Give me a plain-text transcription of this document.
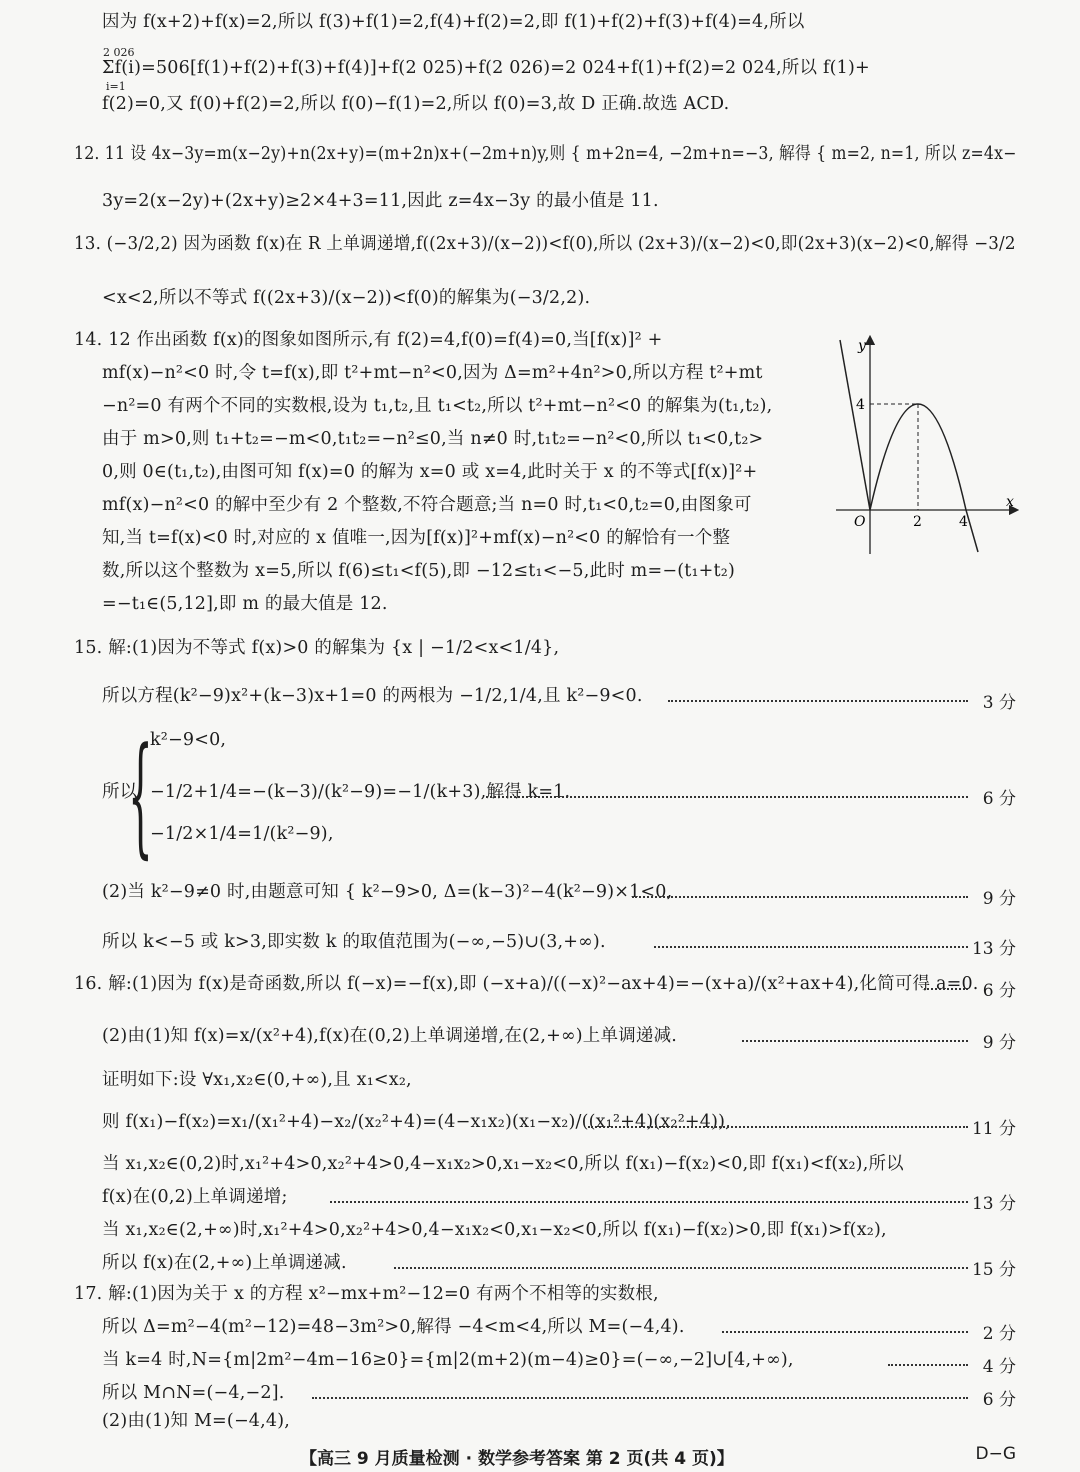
因为 f(x+2)+f(x)=2,所以 f(3)+f(1)=2,f(4)+f(2)=2,即 f(1)+f(2)+f(3)+f(4)=4,所以
2 026
i=1
Σf(i)=506[f(1)+f(2)+f(3)+f(4)]+f(2 025)+f(2 026)=2 024+f(1)+f(2)=2 024,所以 f(1)+
f(2)=0,又 f(0)+f(2)=2,所以 f(0)−f(1)=2,所以 f(0)=3,故 D 正确.故选 ACD.
12. 11 设 4x−3y=m(x−2y)+n(2x+y)=(m+2n)x+(−2m+n)y,则 { m+2n=4, −2m+n=−3, 解得 { m=2, n=1, 所以 z=4x−
3y=2(x−2y)+(2x+y)≥2×4+3=11,因此 z=4x−3y 的最小值是 11.
13. (−3/2,2) 因为函数 f(x)在 R 上单调递增,f((2x+3)/(x−2))<f(0),所以 (2x+3)/(x−2)<0,即(2x+3)(x−2)<0,解得 −3/2
<x<2,所以不等式 f((2x+3)/(x−2))<f(0)的解集为(−3/2,2).
14. 12 作出函数 f(x)的图象如图所示,有 f(2)=4,f(0)=f(4)=0,当[f(x)]² +
mf(x)−n²<0 时,令 t=f(x),即 t²+mt−n²<0,因为 Δ=m²+4n²>0,所以方程 t²+mt
−n²=0 有两个不同的实数根,设为 t₁,t₂,且 t₁<t₂,所以 t²+mt−n²<0 的解集为(t₁,t₂),
由于 m>0,则 t₁+t₂=−m<0,t₁t₂=−n²≤0,当 n≠0 时,t₁t₂=−n²<0,所以 t₁<0,t₂>
0,则 0∈(t₁,t₂),由图可知 f(x)=0 的解为 x=0 或 x=4,此时关于 x 的不等式[f(x)]²+
mf(x)−n²<0 的解中至少有 2 个整数,不符合题意;当 n=0 时,t₁<0,t₂=0,由图象可
知,当 t=f(x)<0 时,对应的 x 值唯一,因为[f(x)]²+mf(x)−n²<0 的解恰有一个整
数,所以这个整数为 x=5,所以 f(6)≤t₁<f(5),即 −12≤t₁<−5,此时 m=−(t₁+t₂)
=−t₁∈(5,12],即 m 的最大值是 12.
y
x
O
4
2	4
15. 解:(1)因为不等式 f(x)>0 的解集为 {x | −1/2<x<1/4},
所以方程(k²−9)x²+(k−3)x+1=0 的两根为 −1/2,1/4,且 k²−9<0.	3 分
所以
{
k²−9<0,
−1/2+1/4=−(k−3)/(k²−9)=−1/(k+3),解得 k=1.	6 分
−1/2×1/4=1/(k²−9),
(2)当 k²−9≠0 时,由题意可知 { k²−9>0, Δ=(k−3)²−4(k²−9)×1<0,	9 分
所以 k<−5 或 k>3,即实数 k 的取值范围为(−∞,−5)∪(3,+∞).	13 分
16. 解:(1)因为 f(x)是奇函数,所以 f(−x)=−f(x),即 (−x+a)/((−x)²−ax+4)=−(x+a)/(x²+ax+4),化简可得 a=0. 6 分
(2)由(1)知 f(x)=x/(x²+4),f(x)在(0,2)上单调递增,在(2,+∞)上单调递减.	9 分
证明如下:设 ∀x₁,x₂∈(0,+∞),且 x₁<x₂,
则 f(x₁)−f(x₂)=x₁/(x₁²+4)−x₂/(x₂²+4)=(4−x₁x₂)(x₁−x₂)/((x₁²+4)(x₂²+4)),	11 分
当 x₁,x₂∈(0,2)时,x₁²+4>0,x₂²+4>0,4−x₁x₂>0,x₁−x₂<0,所以 f(x₁)−f(x₂)<0,即 f(x₁)<f(x₂),所以
f(x)在(0,2)上单调递增;	13 分
当 x₁,x₂∈(2,+∞)时,x₁²+4>0,x₂²+4>0,4−x₁x₂<0,x₁−x₂<0,所以 f(x₁)−f(x₂)>0,即 f(x₁)>f(x₂),
所以 f(x)在(2,+∞)上单调递减.	15 分
17. 解:(1)因为关于 x 的方程 x²−mx+m²−12=0 有两个不相等的实数根,
所以 Δ=m²−4(m²−12)=48−3m²>0,解得 −4<m<4,所以 M=(−4,4).	2 分
当 k=4 时,N={m|2m²−4m−16≥0}={m|2(m+2)(m−4)≥0}=(−∞,−2]∪[4,+∞),	4 分
所以 M∩N=(−4,−2].	6 分
(2)由(1)知 M=(−4,4),
【高三 9 月质量检测 · 数学参考答案 第 2 页(共 4 页)】	D−G
